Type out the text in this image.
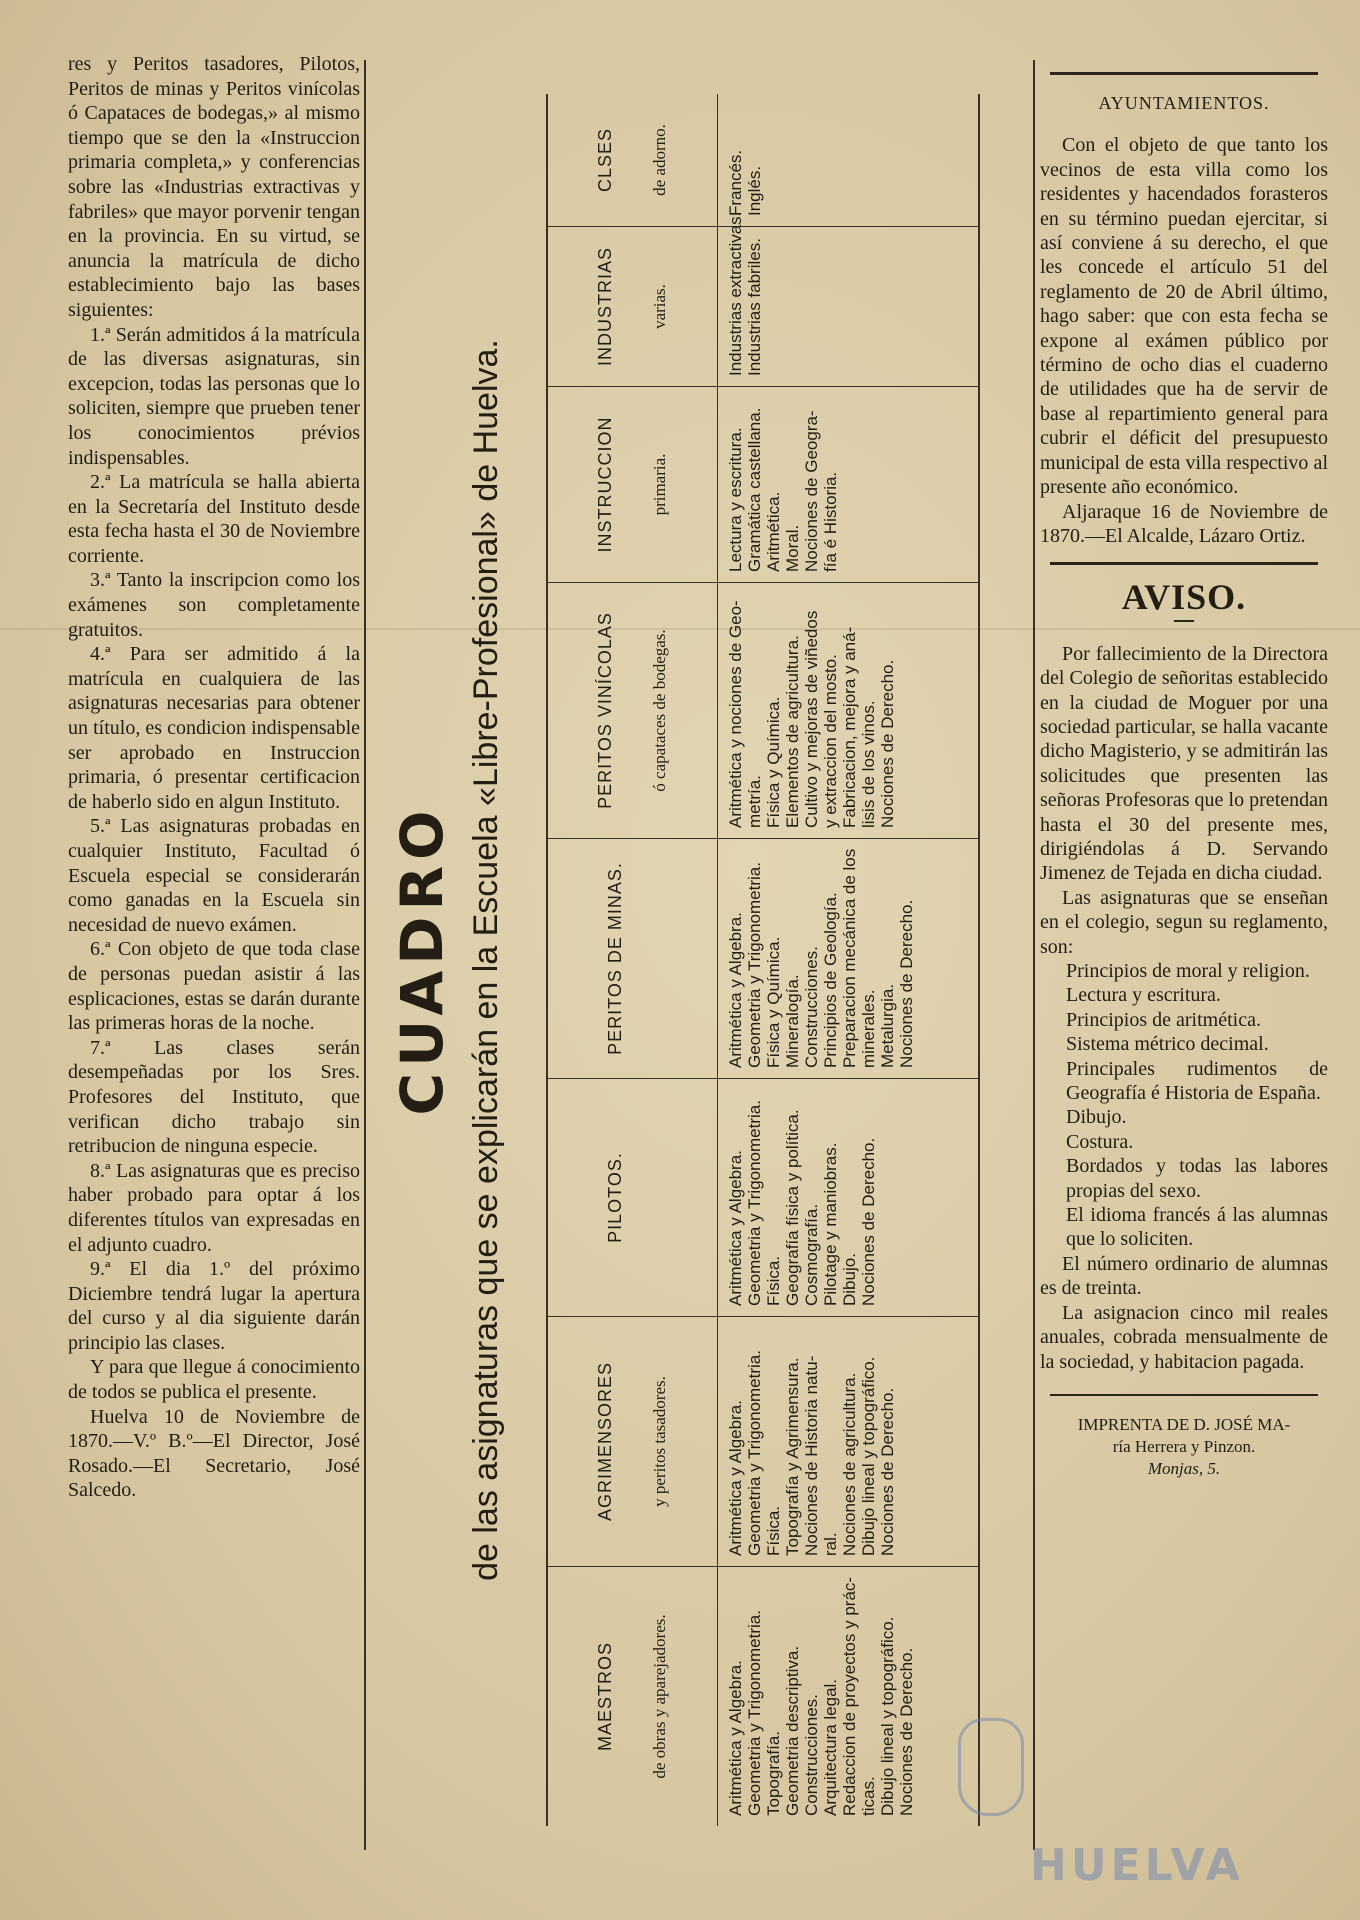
res y Peritos tasadores, Pilotos, Peritos de minas y Peritos vinícolas ó Capataces de bodegas,» al mismo tiempo que se den la «Instruccion primaria completa,» y conferencias sobre las «Industrias extractivas y fabriles» que mayor porvenir tengan en la provincia. En su virtud, se anuncia la matrícula de dicho establecimiento bajo las bases siguientes:

1.ª Serán admitidos á la matrícula de las diversas asignaturas, sin excepcion, todas las personas que lo soliciten, siempre que prueben tener los conocimientos prévios indispensables.

2.ª La matrícula se halla abierta en la Secretaría del Instituto desde esta fecha hasta el 30 de Noviembre corriente.

3.ª Tanto la inscripcion como los exámenes son completamente gratuitos.

4.ª Para ser admitido á la matrícula en cualquiera de las asignaturas necesarias para obtener un título, es condicion indispensable ser aprobado en Instruccion primaria, ó presentar certificacion de haberlo sido en algun Instituto.

5.ª Las asignaturas probadas en cualquier Instituto, Facultad ó Escuela especial se considerarán como ganadas en la Escuela sin necesidad de nuevo exámen.

6.ª Con objeto de que toda clase de personas puedan asistir á las esplicaciones, estas se darán durante las primeras horas de la noche.

7.ª Las clases serán desempeñadas por los Sres. Profesores del Instituto, que verifican dicho trabajo sin retribucion de ninguna especie.

8.ª Las asignaturas que es preciso haber probado para optar á los diferentes títulos van expresadas en el adjunto cuadro.

9.ª El dia 1.º del próximo Diciembre tendrá lugar la apertura del curso y al dia siguiente darán principio las clases.

Y para que llegue á conocimiento de todos se publica el presente.

Huelva 10 de Noviembre de 1870.—V.º B.º—El Director, José Rosado.—El Secretario, José Salcedo.

CUADRO de las asignaturas que se explicarán en la Escuela «Libre-Profesional» de Huelva.
MAESTROS de obras y aparejadores.	Aritmética y Algebra. Geometria y Trigonometria. Topografía. Geometria descriptiva. Construcciones. Arquitectura legal. Redaccion de proyectos y prác- ticas. Dibujo lineal y topográfico. Nociones de Derecho.
AGRIMENSORES y peritos tasadores.	Aritmética y Algebra. Geometria y Trigonometria. Física. Topografía y Agrimensura. Nociones de Historia natu- ral. Nociones de agricultura. Dibujo lineal y topográfico. Nociones de Derecho.
PILOTOS.	Aritmética y Algebra. Geometria y Trigonometria. Física. Geografía física y política. Cosmografía. Pilotage y maniobras. Dibujo. Nociones de Derecho.
PERITOS DE MINAS.	Aritmética y Algebra. Geometria y Trigonometria. Física y Química. Mineralogía. Construcciones. Principios de Geología. Preparacion mecánica de los minerales. Metalurgia. Nociones de Derecho.
PERITOS VINÍCOLAS ó capataces de bodegas.	Aritmética y nociones de Geo- metría. Física y Química. Elementos de agricultura. Cultivo y mejoras de viñedos y extraccion del mosto. Fabricacion, mejora y aná- lisis de los vinos. Nociones de Derecho.
INSTRUCCION primaria.	Lectura y escritura. Gramática castellana. Aritmética. Moral. Nociones de Geogra- fía é Historia.
INDUSTRIAS varias.	Industrias extractivas. Industrias fabriles.
CLSES de adorno.	Francés. Inglés.
AYUNTAMIENTOS.

Con el objeto de que tanto los vecinos de esta villa como los residentes y hacendados forasteros en su término puedan ejercitar, si así conviene á su derecho, el que les concede el artículo 51 del reglamento de 20 de Abril último, hago saber: que con esta fecha se expone al exámen público por término de ocho dias el cuaderno de utilidades que ha de servir de base al repartimiento general para cubrir el déficit del presupuesto municipal de esta villa respectivo al presente año económico.

Aljaraque 16 de Noviembre de 1870.—El Alcalde, Lázaro Ortiz.

AVISO.

Por fallecimiento de la Directora del Colegio de señoritas establecido en la ciudad de Moguer por una sociedad particular, se halla vacante dicho Magisterio, y se admitirán las solicitudes que presenten las señoras Profesoras que lo pretendan hasta el 30 del presente mes, dirigiéndolas á D. Servando Jimenez de Tejada en dicha ciudad.

Las asignaturas que se enseñan en el colegio, segun su reglamento, son:

Principios de moral y religion.

Lectura y escritura.

Principios de aritmética.

Sistema métrico decimal.

Principales rudimentos de Geografía é Historia de España.

Dibujo.

Costura.

Bordados y todas las labores propias del sexo.

El idioma francés á las alumnas que lo soliciten.

El número ordinario de alumnas es de treinta.

La asignacion cinco mil reales anuales, cobrada mensualmente de la sociedad, y habitacion pagada.

IMPRENTA DE D. JOSÉ MA-
ría Herrera y Pinzon.
Monjas, 5.
HUELVA
